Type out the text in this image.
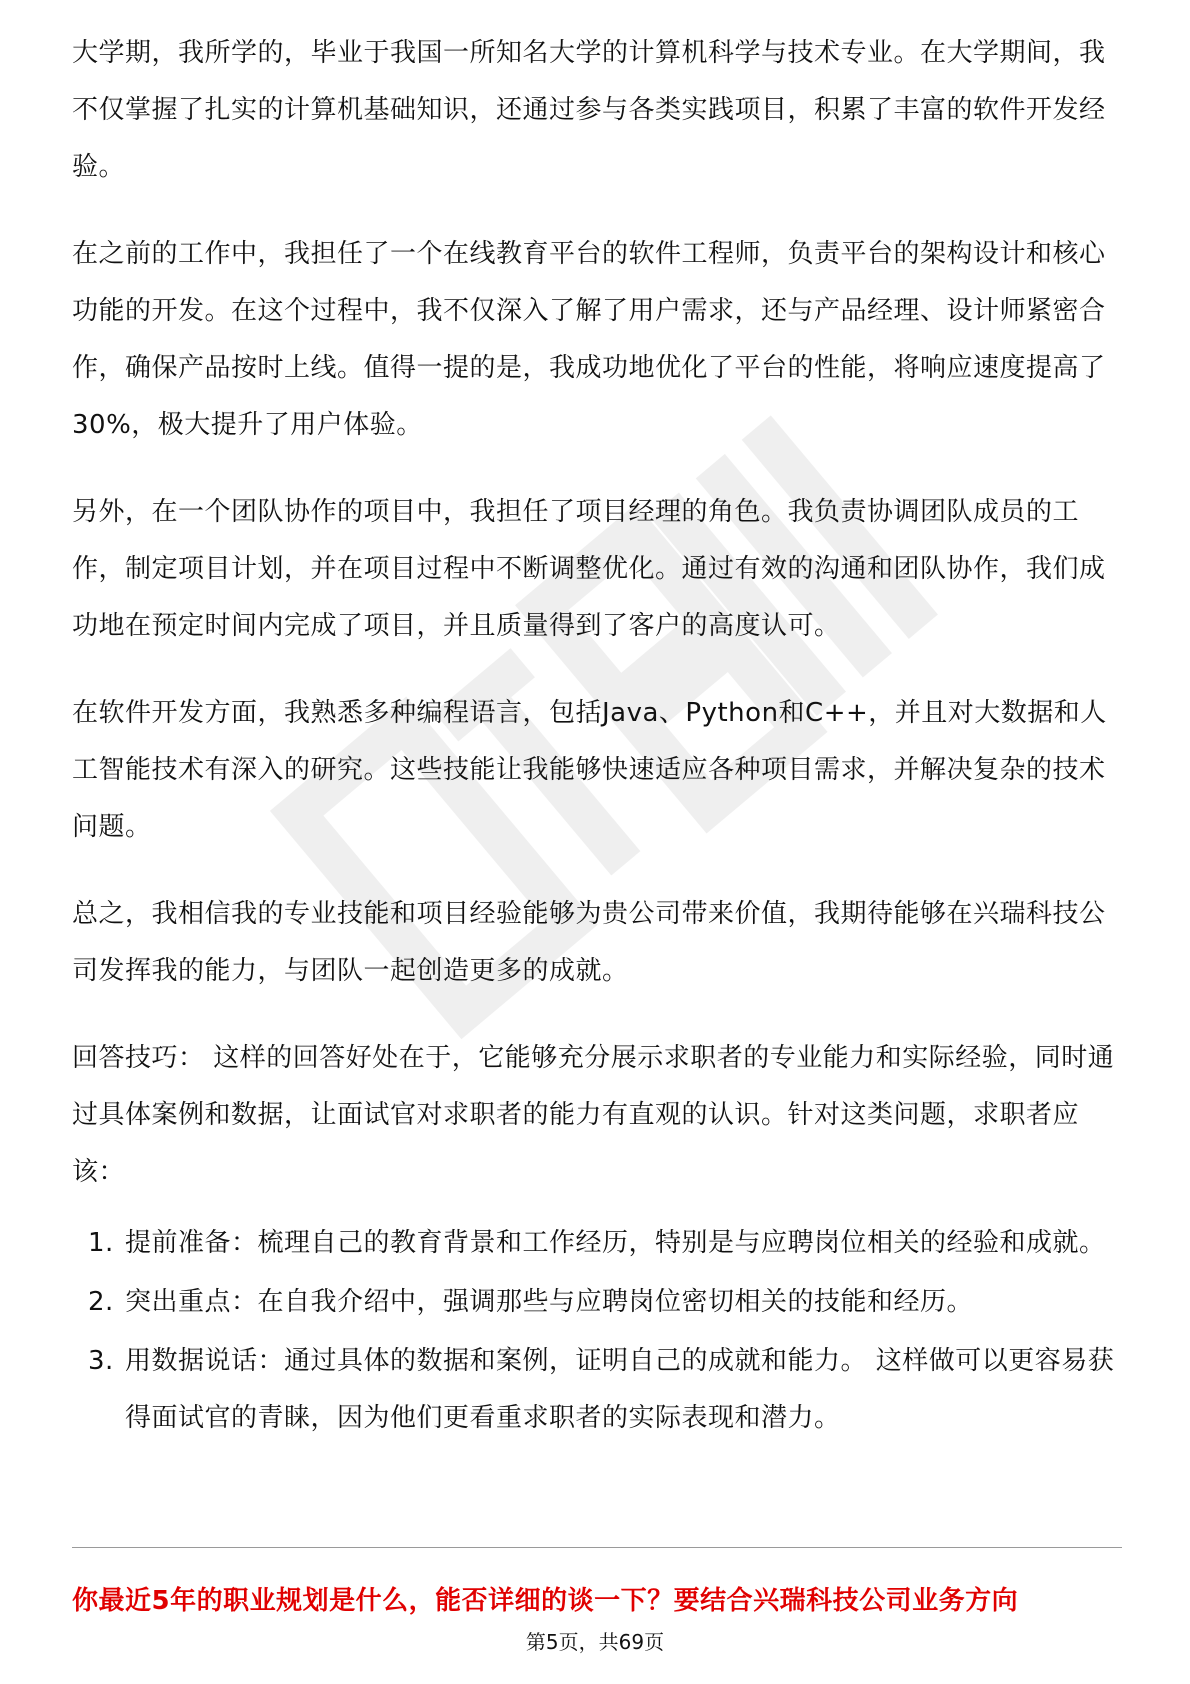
大学期，我所学的，毕业于我国一所知名大学的计算机科学与技术专业。在大学期间，我不仅掌握了扎实的计算机基础知识，还通过参与各类实践项目，积累了丰富的软件开发经验。

在之前的工作中，我担任了一个在线教育平台的软件工程师，负责平台的架构设计和核心功能的开发。在这个过程中，我不仅深入了解了用户需求，还与产品经理、设计师紧密合作，确保产品按时上线。值得一提的是，我成功地优化了平台的性能，将响应速度提高了30%，极大提升了用户体验。

另外，在一个团队协作的项目中，我担任了项目经理的角色。我负责协调团队成员的工作，制定项目计划，并在项目过程中不断调整优化。通过有效的沟通和团队协作，我们成功地在预定时间内完成了项目，并且质量得到了客户的高度认可。

在软件开发方面，我熟悉多种编程语言，包括Java、Python和C++，并且对大数据和人工智能技术有深入的研究。这些技能让我能够快速适应各种项目需求，并解决复杂的技术问题。

总之，我相信我的专业技能和项目经验能够为贵公司带来价值，我期待能够在兴瑞科技公司发挥我的能力，与团队一起创造更多的成就。

回答技巧： 这样的回答好处在于，它能够充分展示求职者的专业能力和实际经验，同时通过具体案例和数据，让面试官对求职者的能力有直观的认识。针对这类问题，求职者应该：

1. 提前准备：梳理自己的教育背景和工作经历，特别是与应聘岗位相关的经验和成就。
2. 突出重点：在自我介绍中，强调那些与应聘岗位密切相关的技能和经历。
3. 用数据说话：通过具体的数据和案例，证明自己的成就和能力。 这样做可以更容易获得面试官的青睐，因为他们更看重求职者的实际表现和潜力。
你最近5年的职业规划是什么，能否详细的谈一下？要结合兴瑞科技公司业务方向
第5页，共69页
